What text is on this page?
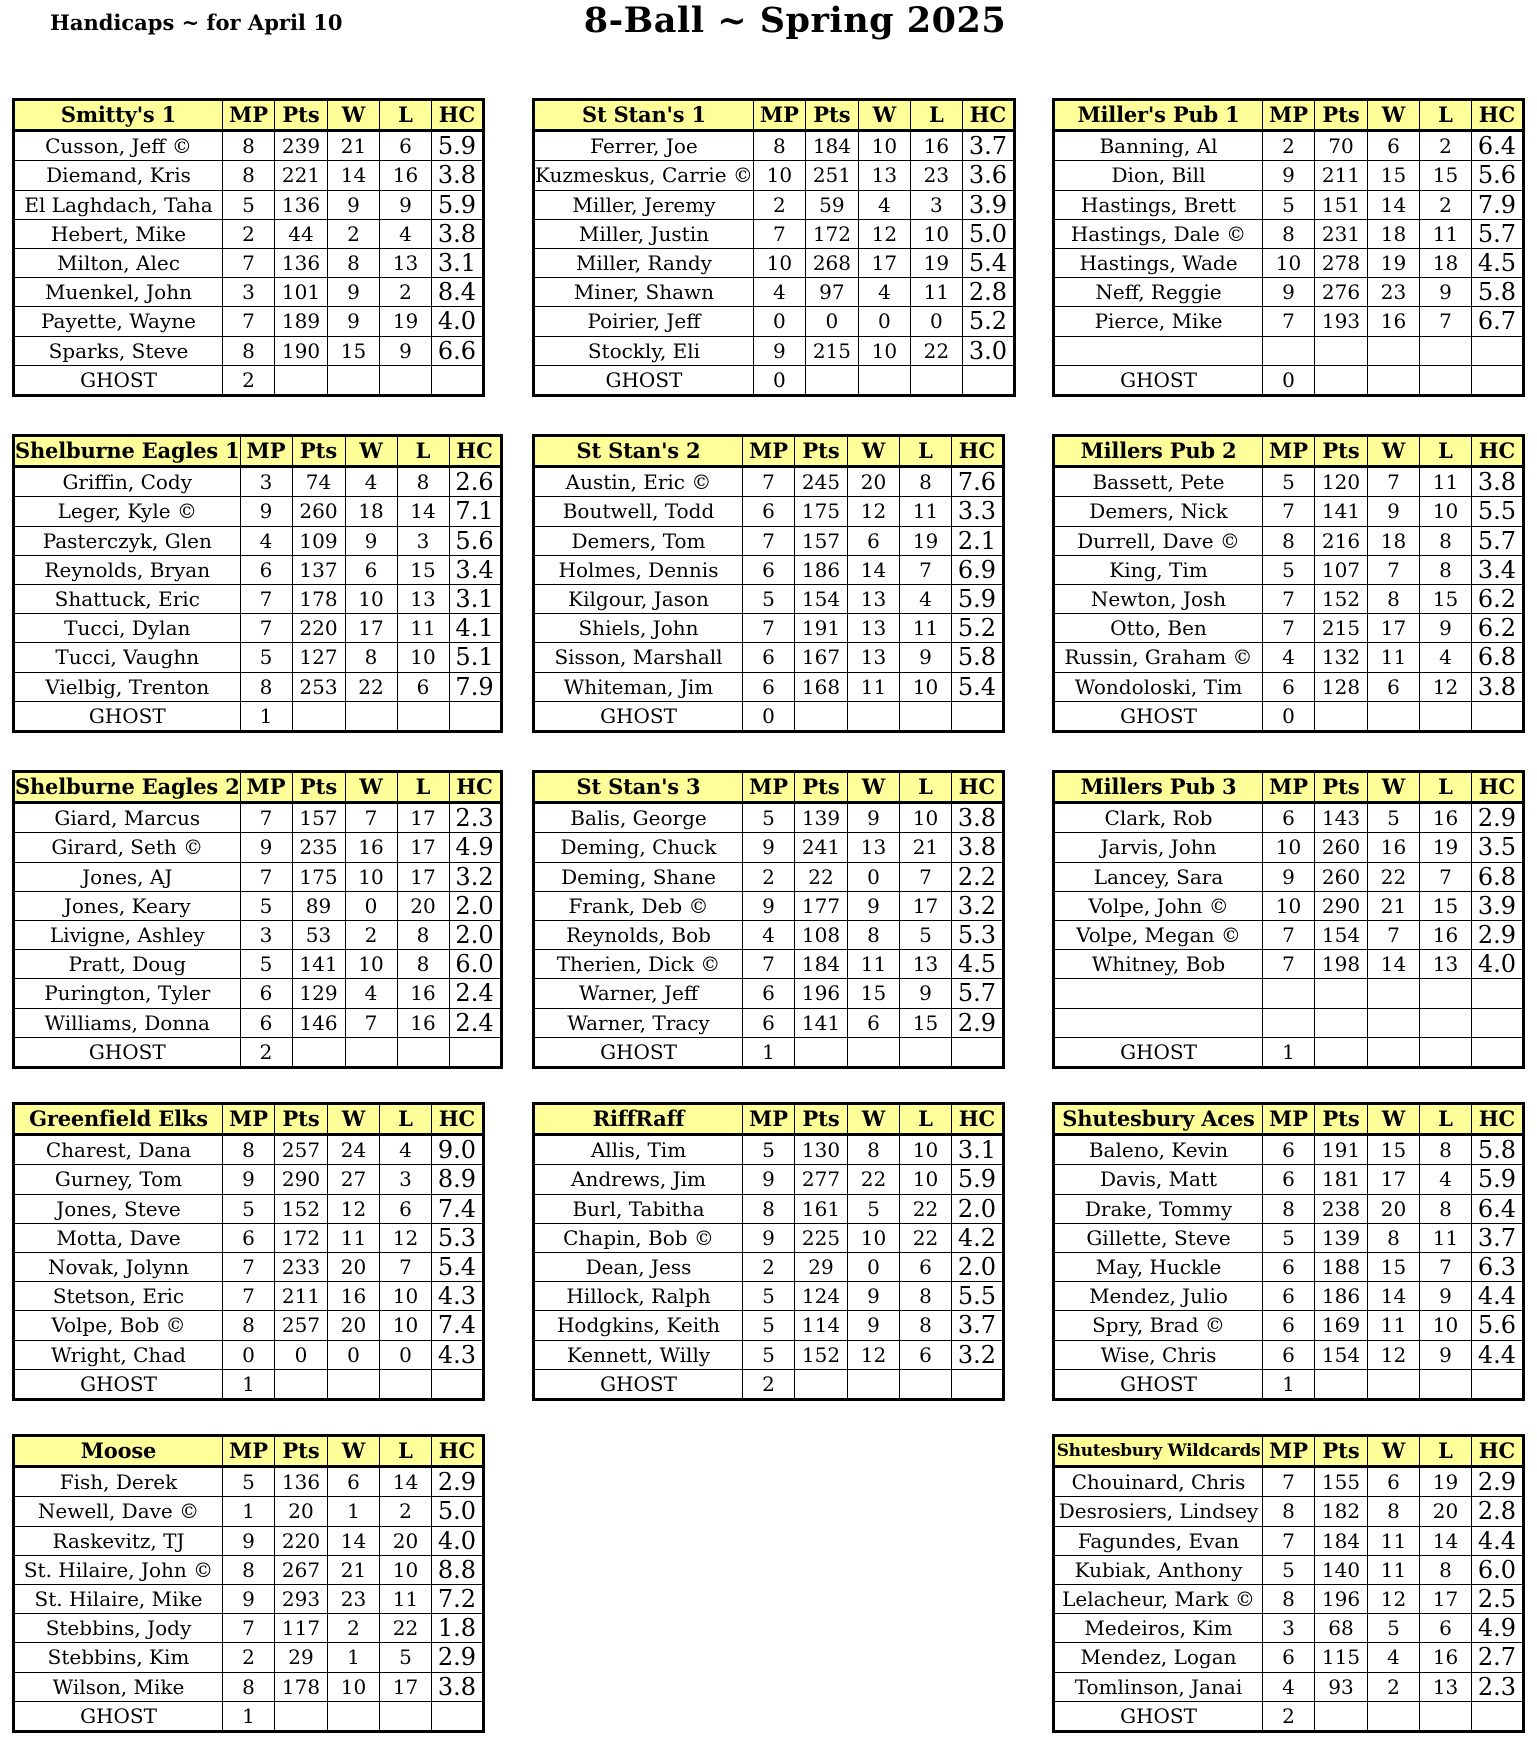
Handicaps ~ for April 10	8-Ball ~ Spring 2025
Smitty's 1	MP	Pts	W	L	HC
Cusson, Jeff ©	8	239	21	6	5.9
Diemand, Kris	8	221	14	16	3.8
El Laghdach, Taha	5	136	9	9	5.9
Hebert, Mike	2	44	2	4	3.8
Milton, Alec	7	136	8	13	3.1
Muenkel, John	3	101	9	2	8.4
Payette, Wayne	7	189	9	19	4.0
Sparks, Steve	8	190	15	9	6.6
GHOST	2				
St Stan's 1	MP	Pts	W	L	HC
Ferrer, Joe	8	184	10	16	3.7
Kuzmeskus, Carrie ©	10	251	13	23	3.6
Miller, Jeremy	2	59	4	3	3.9
Miller, Justin	7	172	12	10	5.0
Miller, Randy	10	268	17	19	5.4
Miner, Shawn	4	97	4	11	2.8
Poirier, Jeff	0	0	0	0	5.2
Stockly, Eli	9	215	10	22	3.0
GHOST	0				
Miller's Pub 1	MP	Pts	W	L	HC
Banning, Al	2	70	6	2	6.4
Dion, Bill	9	211	15	15	5.6
Hastings, Brett	5	151	14	2	7.9
Hastings, Dale ©	8	231	18	11	5.7
Hastings, Wade	10	278	19	18	4.5
Neff, Reggie	9	276	23	9	5.8
Pierce, Mike	7	193	16	7	6.7

GHOST	0				
Shelburne Eagles 1	MP	Pts	W	L	HC
Griffin, Cody	3	74	4	8	2.6
Leger, Kyle ©	9	260	18	14	7.1
Pasterczyk, Glen	4	109	9	3	5.6
Reynolds, Bryan	6	137	6	15	3.4
Shattuck, Eric	7	178	10	13	3.1
Tucci, Dylan	7	220	17	11	4.1
Tucci, Vaughn	5	127	8	10	5.1
Vielbig, Trenton	8	253	22	6	7.9
GHOST	1				
St Stan's 2	MP	Pts	W	L	HC
Austin, Eric ©	7	245	20	8	7.6
Boutwell, Todd	6	175	12	11	3.3
Demers, Tom	7	157	6	19	2.1
Holmes, Dennis	6	186	14	7	6.9
Kilgour, Jason	5	154	13	4	5.9
Shiels, John	7	191	13	11	5.2
Sisson, Marshall	6	167	13	9	5.8
Whiteman, Jim	6	168	11	10	5.4
GHOST	0				
Millers Pub 2	MP	Pts	W	L	HC
Bassett, Pete	5	120	7	11	3.8
Demers, Nick	7	141	9	10	5.5
Durrell, Dave ©	8	216	18	8	5.7
King, Tim	5	107	7	8	3.4
Newton, Josh	7	152	8	15	6.2
Otto, Ben	7	215	17	9	6.2
Russin, Graham ©	4	132	11	4	6.8
Wondoloski, Tim	6	128	6	12	3.8
GHOST	0				
Shelburne Eagles 2	MP	Pts	W	L	HC
Giard, Marcus	7	157	7	17	2.3
Girard, Seth ©	9	235	16	17	4.9
Jones, AJ	7	175	10	17	3.2
Jones, Keary	5	89	0	20	2.0
Livigne, Ashley	3	53	2	8	2.0
Pratt, Doug	5	141	10	8	6.0
Purington, Tyler	6	129	4	16	2.4
Williams, Donna	6	146	7	16	2.4
GHOST	2				
St Stan's 3	MP	Pts	W	L	HC
Balis, George	5	139	9	10	3.8
Deming, Chuck	9	241	13	21	3.8
Deming, Shane	2	22	0	7	2.2
Frank, Deb ©	9	177	9	17	3.2
Reynolds, Bob	4	108	8	5	5.3
Therien, Dick ©	7	184	11	13	4.5
Warner, Jeff	6	196	15	9	5.7
Warner, Tracy	6	141	6	15	2.9
GHOST	1				
Millers Pub 3	MP	Pts	W	L	HC
Clark, Rob	6	143	5	16	2.9
Jarvis, John	10	260	16	19	3.5
Lancey, Sara	9	260	22	7	6.8
Volpe, John ©	10	290	21	15	3.9
Volpe, Megan ©	7	154	7	16	2.9
Whitney, Bob	7	198	14	13	4.0

GHOST	1				
Greenfield Elks	MP	Pts	W	L	HC
Charest, Dana	8	257	24	4	9.0
Gurney, Tom	9	290	27	3	8.9
Jones, Steve	5	152	12	6	7.4
Motta, Dave	6	172	11	12	5.3
Novak, Jolynn	7	233	20	7	5.4
Stetson, Eric	7	211	16	10	4.3
Volpe, Bob ©	8	257	20	10	7.4
Wright, Chad	0	0	0	0	4.3
GHOST	1				
RiffRaff	MP	Pts	W	L	HC
Allis, Tim	5	130	8	10	3.1
Andrews, Jim	9	277	22	10	5.9
Burl, Tabitha	8	161	5	22	2.0
Chapin, Bob ©	9	225	10	22	4.2
Dean, Jess	2	29	0	6	2.0
Hillock, Ralph	5	124	9	8	5.5
Hodgkins, Keith	5	114	9	8	3.7
Kennett, Willy	5	152	12	6	3.2
GHOST	2				
Shutesbury Aces	MP	Pts	W	L	HC
Baleno, Kevin	6	191	15	8	5.8
Davis, Matt	6	181	17	4	5.9
Drake, Tommy	8	238	20	8	6.4
Gillette, Steve	5	139	8	11	3.7
May, Huckle	6	188	15	7	6.3
Mendez, Julio	6	186	14	9	4.4
Spry, Brad ©	6	169	11	10	5.6
Wise, Chris	6	154	12	9	4.4
GHOST	1				
Moose	MP	Pts	W	L	HC
Fish, Derek	5	136	6	14	2.9
Newell, Dave ©	1	20	1	2	5.0
Raskevitz, TJ	9	220	14	20	4.0
St. Hilaire, John ©	8	267	21	10	8.8
St. Hilaire, Mike	9	293	23	11	7.2
Stebbins, Jody	7	117	2	22	1.8
Stebbins, Kim	2	29	1	5	2.9
Wilson, Mike	8	178	10	17	3.8
GHOST	1				
Shutesbury Wildcards	MP	Pts	W	L	HC
Chouinard, Chris	7	155	6	19	2.9
Desrosiers, Lindsey	8	182	8	20	2.8
Fagundes, Evan	7	184	11	14	4.4
Kubiak, Anthony	5	140	11	8	6.0
Lelacheur, Mark ©	8	196	12	17	2.5
Medeiros, Kim	3	68	5	6	4.9
Mendez, Logan	6	115	4	16	2.7
Tomlinson, Janai	4	93	2	13	2.3
GHOST	2				
